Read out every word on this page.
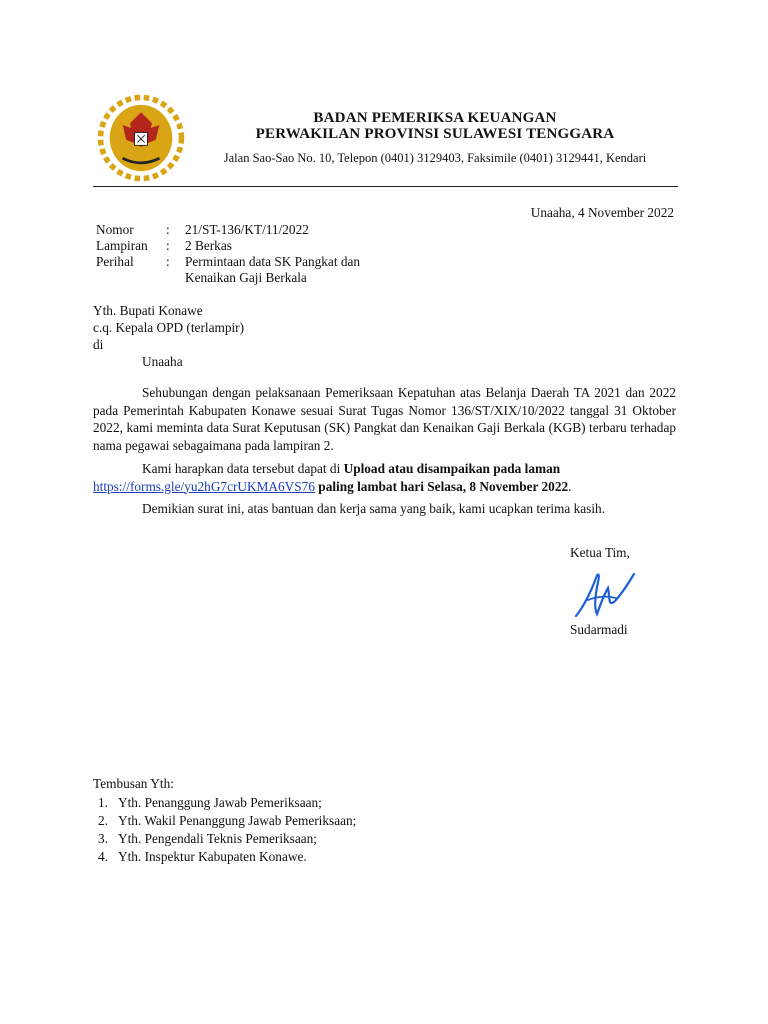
BADAN PEMERIKSA KEUANGAN
PERWAKILAN PROVINSI SULAWESI TENGGARA
Jalan Sao-Sao No. 10, Telepon (0401) 3129403, Faksimile (0401) 3129441, Kendari
Unaaha, 4 November 2022
Nomor	:	21/ST-136/KT/11/2022
Lampiran	:	2 Berkas
Perihal	:	Permintaan data SK Pangkat dan
Kenaikan Gaji Berkala
Yth. Bupati Konawe
c.q. Kepala OPD (terlampir)
di
Unaaha
Sehubungan dengan pelaksanaan Pemeriksaan Kepatuhan atas Belanja Daerah TA 2021 dan 2022 pada Pemerintah Kabupaten Konawe sesuai Surat Tugas Nomor 136/ST/XIX/10/2022 tanggal 31 Oktober 2022, kami meminta data Surat Keputusan (SK) Pangkat dan Kenaikan Gaji Berkala (KGB) terbaru terhadap nama pegawai sebagaimana pada lampiran 2.
Kami harapkan data tersebut dapat di Upload atau disampaikan pada laman
https://forms.gle/yu2hG7crUKMA6VS76 paling lambat hari Selasa, 8 November 2022.
Demikian surat ini, atas bantuan dan kerja sama yang baik, kami ucapkan terima kasih.
Ketua Tim,
Sudarmadi
Tembusan Yth:
1. Yth. Penanggung Jawab Pemeriksaan;
2. Yth. Wakil Penanggung Jawab Pemeriksaan;
3. Yth. Pengendali Teknis Pemeriksaan;
4. Yth. Inspektur Kabupaten Konawe.
